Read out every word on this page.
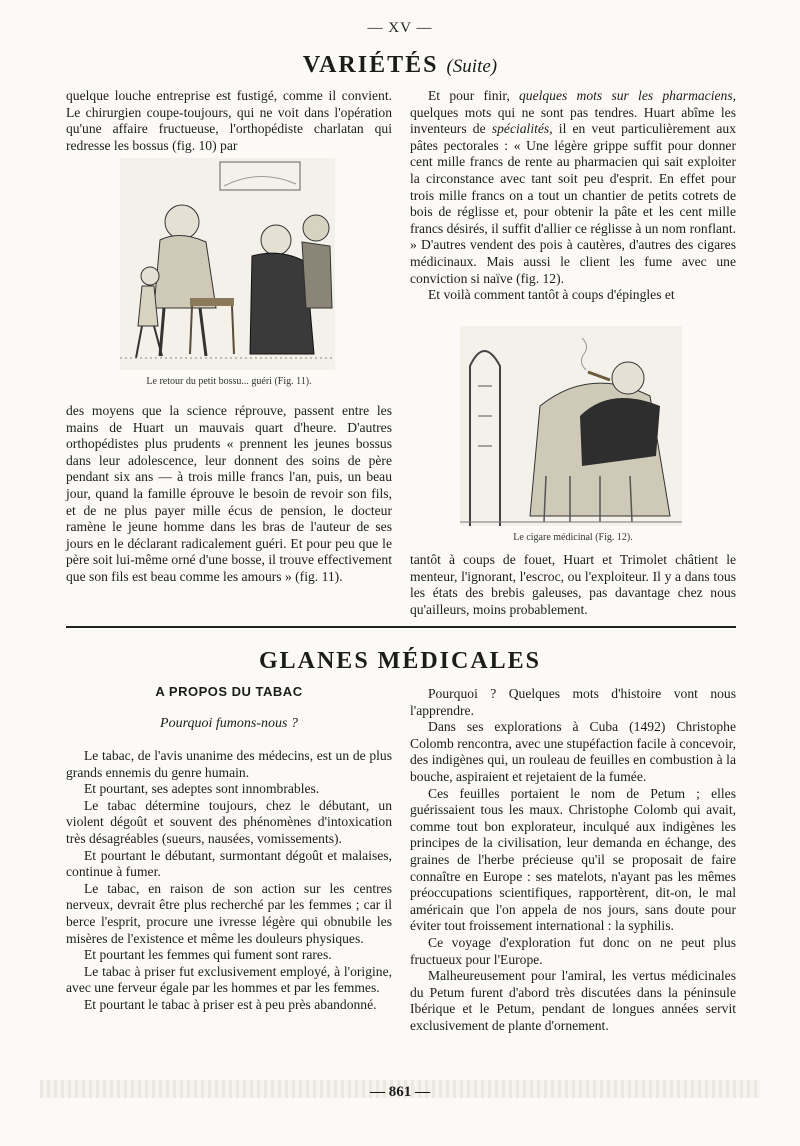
— XV —
VARIÉTÉS (Suite)

quelque louche entreprise est fustigé, comme il convient. Le chirurgien coupe-toujours, qui ne voit dans l'opération qu'une affaire fructueuse, l'orthopédiste charlatan qui redresse les bossus (fig. 10) par

Le retour du petit bossu... guéri (Fig. 11).

des moyens que la science réprouve, passent entre les mains de Huart un mauvais quart d'heure. D'autres orthopédistes plus prudents « prennent les jeunes bossus dans leur adolescence, leur donnent des soins de père pendant six ans — à trois mille francs l'an, puis, un beau jour, quand la famille éprouve le besoin de revoir son fils, et de ne plus payer mille écus de pension, le docteur ramène le jeune homme dans les bras de l'auteur de ses jours en le déclarant radicalement guéri. Et pour peu que le père soit lui-même orné d'une bosse, il trouve effectivement que son fils est beau comme les amours » (fig. 11).

Et pour finir, quelques mots sur les pharmaciens, quelques mots qui ne sont pas tendres. Huart abîme les inventeurs de spécialités, il en veut particulièrement aux pâtes pectorales : « Une légère grippe suffit pour donner cent mille francs de rente au pharmacien qui sait exploiter la circonstance avec tant soit peu d'esprit. En effet pour trois mille francs on a tout un chantier de petits cotrets de bois de réglisse et, pour obtenir la pâte et les cent mille francs désirés, il suffit d'allier ce réglisse à un nom ronflant. » D'autres vendent des pois à cautères, d'autres des cigares médicinaux. Mais aussi le client les fume avec une conviction si naïve (fig. 12).

Et voilà comment tantôt à coups d'épingles et

Le cigare médicinal (Fig. 12).

tantôt à coups de fouet, Huart et Trimolet châtient le menteur, l'ignorant, l'escroc, ou l'exploiteur. Il y a dans tous les états des brebis galeuses, pas davantage chez nous qu'ailleurs, moins probablement.

GLANES MÉDICALES
A PROPOS DU TABAC
Pourquoi fumons-nous ?

Le tabac, de l'avis unanime des médecins, est un de plus grands ennemis du genre humain.

Et pourtant, ses adeptes sont innombrables.

Le tabac détermine toujours, chez le débutant, un violent dégoût et souvent des phénomènes d'intoxication très désagréables (sueurs, nausées, vomissements).

Et pourtant le débutant, surmontant dégoût et malaises, continue à fumer.

Le tabac, en raison de son action sur les centres nerveux, devrait être plus recherché par les femmes ; car il berce l'esprit, procure une ivresse légère qui obnubile les misères de l'existence et même les douleurs physiques.

Et pourtant les femmes qui fument sont rares.

Le tabac à priser fut exclusivement employé, à l'origine, avec une ferveur égale par les hommes et par les femmes.

Et pourtant le tabac à priser est à peu près abandonné.

Pourquoi ? Quelques mots d'histoire vont nous l'apprendre.

Dans ses explorations à Cuba (1492) Christophe Colomb rencontra, avec une stupéfaction facile à concevoir, des indigènes qui, un rouleau de feuilles en combustion à la bouche, aspiraient et rejetaient de la fumée.

Ces feuilles portaient le nom de Petum ; elles guérissaient tous les maux. Christophe Colomb qui avait, comme tout bon explorateur, inculqué aux indigènes les principes de la civilisation, leur demanda en échange, des graines de l'herbe précieuse qu'il se proposait de faire connaître en Europe : ses matelots, n'ayant pas les mêmes préoccupations scientifiques, rapportèrent, dit-on, le mal américain que l'on appela de nos jours, sans doute pour éviter tout froissement international : la syphilis.

Ce voyage d'exploration fut donc on ne peut plus fructueux pour l'Europe.

Malheureusement pour l'amiral, les vertus médicinales du Petum furent d'abord très discutées dans la péninsule Ibérique et le Petum, pendant de longues années servit exclusivement de plante d'ornement.

— 861 —
